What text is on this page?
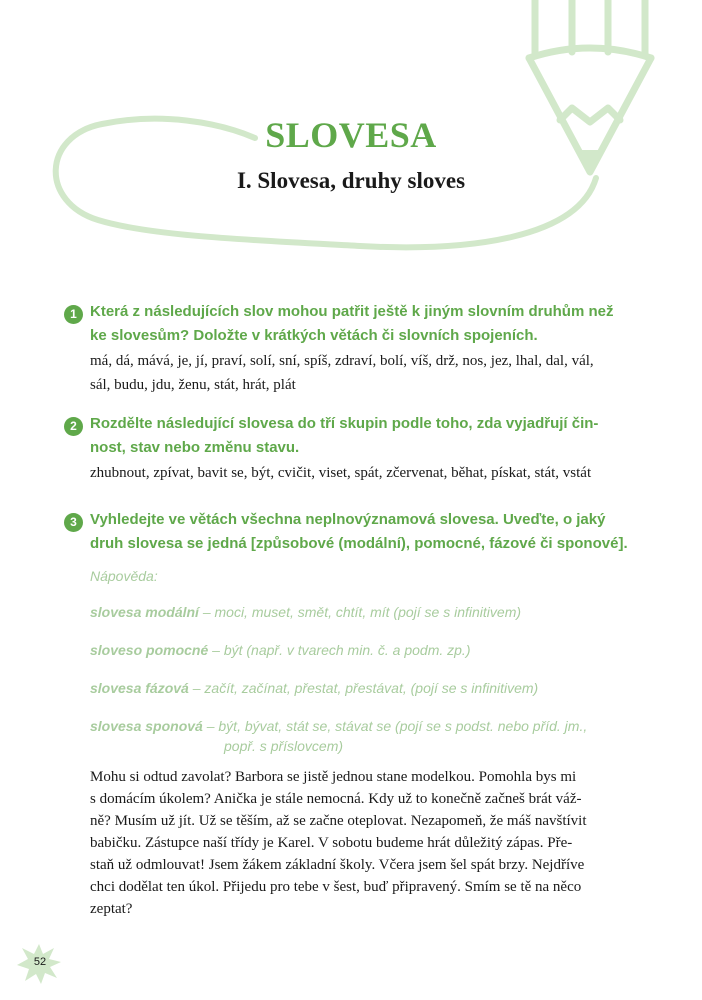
SLOVESA
I. Slovesa, druhy sloves
1 Která z následujících slov mohou patřit ještě k jiným slovním druhům než
ke slovesům? Doložte v krátkých větách či slovních spojeních.
má, dá, mává, je, jí, praví, solí, sní, spíš, zdraví, bolí, víš, drž, nos, jez, lhal, dal, vál,
sál, budu, jdu, ženu, stát, hrát, plát
2 Rozdělte následující slovesa do tří skupin podle toho, zda vyjadřují čin-
nost, stav nebo změnu stavu.
zhubnout, zpívat, bavit se, být, cvičit, viset, spát, zčervenat, běhat, pískat, stát, vstát
3 Vyhledejte ve větách všechna neplnovýznamová slovesa. Uveďte, o jaký
druh slovesa se jedná [způsobové (modální), pomocné, fázové či sponové].
Nápověda:
slovesa modální – moci, muset, smět, chtít, mít (pojí se s infinitivem)
sloveso pomocné – být (např. v tvarech min. č. a podm. zp.)
slovesa fázová – začít, začínat, přestat, přestávat, (pojí se s infinitivem)
slovesa sponová – být, bývat, stát se, stávat se (pojí se s podst. nebo příd. jm.,
popř. s příslovcem)
Mohu si odtud zavolat? Barbora se jistě jednou stane modelkou. Pomohla bys mi
s domácím úkolem? Anička je stále nemocná. Kdy už to konečně začneš brát váž-
ně? Musím už jít. Už se těším, až se začne oteplovat. Nezapomeň, že máš navštívit
babičku. Zástupce naší třídy je Karel. V sobotu budeme hrát důležitý zápas. Pře-
staň už odmlouvat! Jsem žákem základní školy. Včera jsem šel spát brzy. Nejdříve
chci dodělat ten úkol. Přijedu pro tebe v šest, buď připravený. Smím se tě na něco
zeptat?
52
